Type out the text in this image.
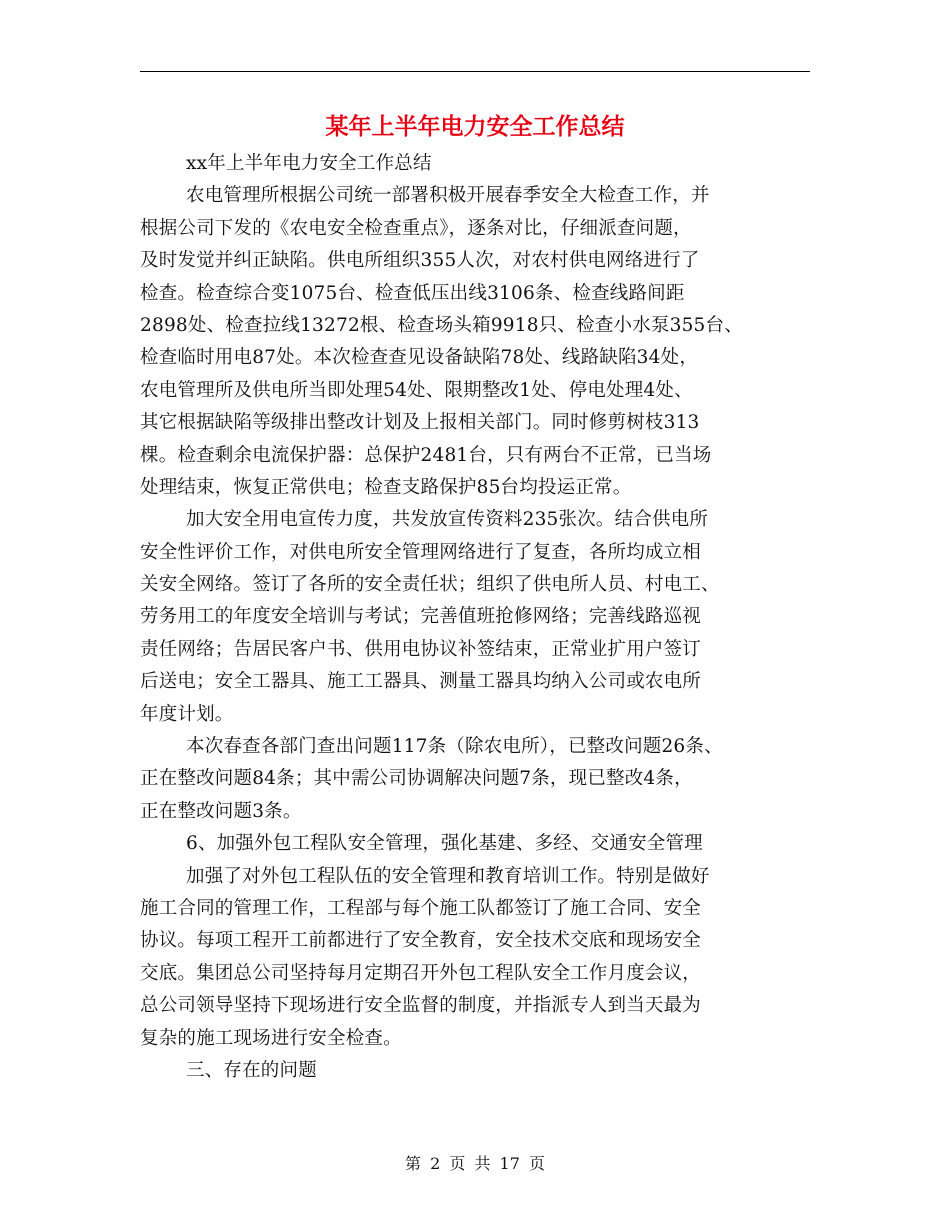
某年上半年电力安全工作总结
xx年上半年电力安全工作总结
农电管理所根据公司统一部署积极开展春季安全大检查工作，并
根据公司下发的《农电安全检查重点》，逐条对比，仔细派查问题，
及时发觉并纠正缺陷。供电所组织355人次，对农村供电网络进行了
检查。检查综合变1075台、检查低压出线3106条、检查线路间距
2898处、检查拉线13272根、检查场头箱9918只、检查小水泵355台、
检查临时用电87处。本次检查查见设备缺陷78处、线路缺陷34处，
农电管理所及供电所当即处理54处、限期整改1处、停电处理4处、
其它根据缺陷等级排出整改计划及上报相关部门。同时修剪树枝313
棵。检查剩余电流保护器：总保护2481台，只有两台不正常，已当场
处理结束，恢复正常供电；检查支路保护85台均投运正常。
加大安全用电宣传力度，共发放宣传资料235张次。结合供电所
安全性评价工作，对供电所安全管理网络进行了复查，各所均成立相
关安全网络。签订了各所的安全责任状；组织了供电所人员、村电工、
劳务用工的年度安全培训与考试；完善值班抢修网络；完善线路巡视
责任网络；告居民客户书、供用电协议补签结束，正常业扩用户签订
后送电；安全工器具、施工工器具、测量工器具均纳入公司或农电所
年度计划。
本次春查各部门查出问题117条（除农电所），已整改问题26条、
正在整改问题84条；其中需公司协调解决问题7条，现已整改4条，
正在整改问题3条。
6、加强外包工程队安全管理，强化基建、多经、交通安全管理
加强了对外包工程队伍的安全管理和教育培训工作。特别是做好
施工合同的管理工作，工程部与每个施工队都签订了施工合同、安全
协议。每项工程开工前都进行了安全教育，安全技术交底和现场安全
交底。集团总公司坚持每月定期召开外包工程队安全工作月度会议，
总公司领导坚持下现场进行安全监督的制度，并指派专人到当天最为
复杂的施工现场进行安全检查。
三、存在的问题
第 2 页 共 17 页
